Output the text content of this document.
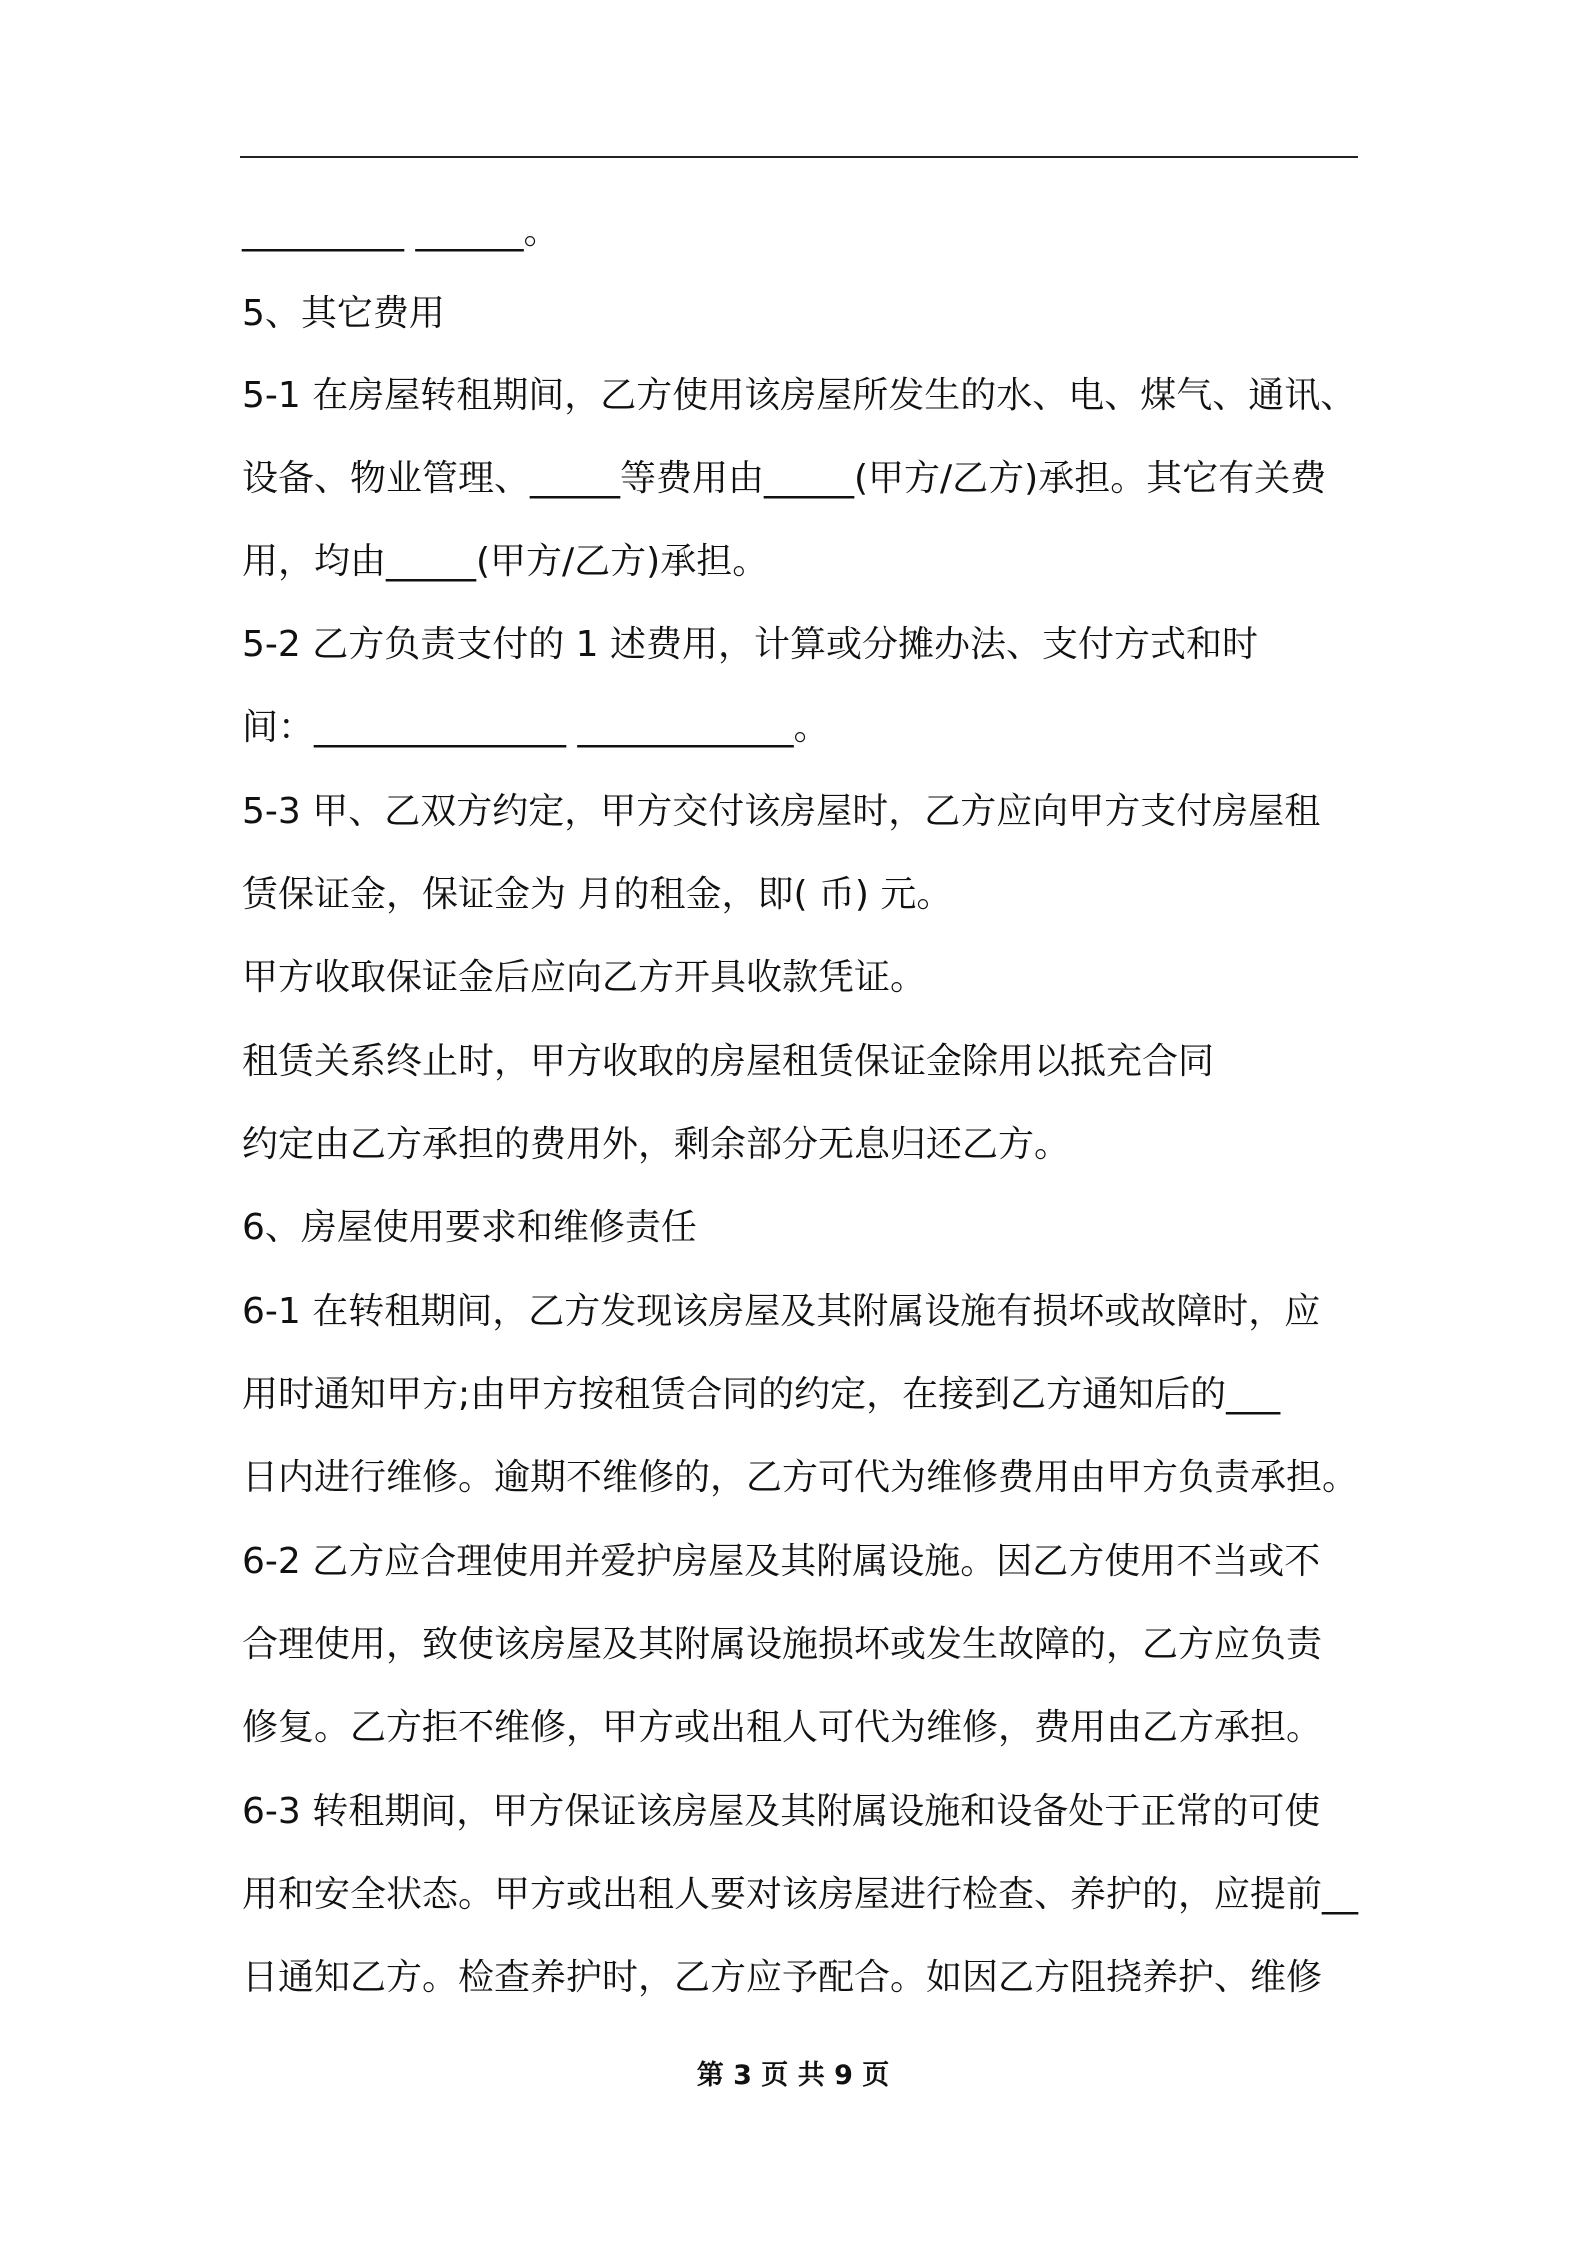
_________ ______。
5、其它费用
5-1 在房屋转租期间，乙方使用该房屋所发生的水、电、煤气、通讯、
设备、物业管理、_____等费用由_____(甲方/乙方)承担。其它有关费
用，均由_____(甲方/乙方)承担。
5-2 乙方负责支付的 1 述费用，计算或分摊办法、支付方式和时
间：______________ ____________。
5-3 甲、乙双方约定，甲方交付该房屋时，乙方应向甲方支付房屋租
赁保证金，保证金为 月的租金，即( 币) 元。
甲方收取保证金后应向乙方开具收款凭证。
租赁关系终止时，甲方收取的房屋租赁保证金除用以抵充合同
约定由乙方承担的费用外，剩余部分无息归还乙方。
6、房屋使用要求和维修责任
6-1 在转租期间，乙方发现该房屋及其附属设施有损坏或故障时，应
用时通知甲方;由甲方按租赁合同的约定，在接到乙方通知后的___
日内进行维修。逾期不维修的，乙方可代为维修费用由甲方负责承担。
6-2 乙方应合理使用并爱护房屋及其附属设施。因乙方使用不当或不
合理使用，致使该房屋及其附属设施损坏或发生故障的，乙方应负责
修复。乙方拒不维修，甲方或出租人可代为维修，费用由乙方承担。
6-3 转租期间，甲方保证该房屋及其附属设施和设备处于正常的可使
用和安全状态。甲方或出租人要对该房屋进行检查、养护的，应提前__
日通知乙方。检查养护时，乙方应予配合。如因乙方阻挠养护、维修
第 3 页 共 9 页
